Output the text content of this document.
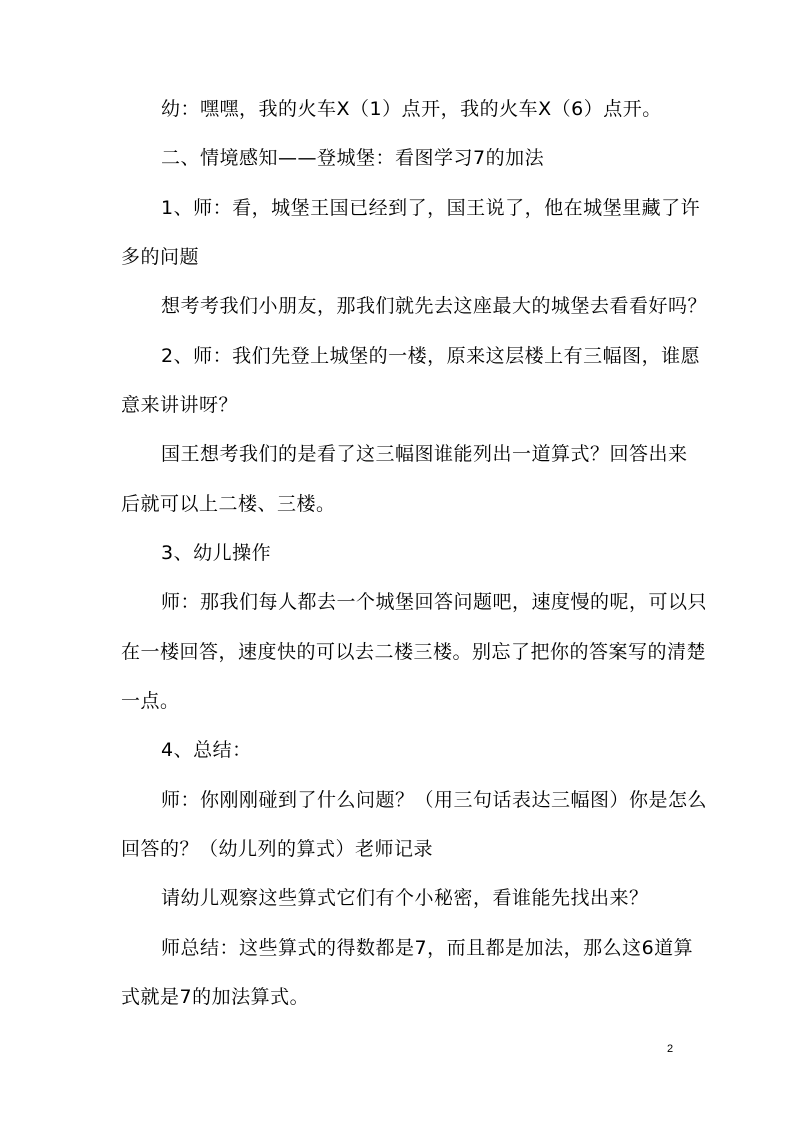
幼：嘿嘿，我的火车X（1）点开，我的火车X（6）点开。
二、情境感知——登城堡：看图学习7的加法
1、师：看，城堡王国已经到了，国王说了，他在城堡里藏了许
多的问题
想考考我们小朋友，那我们就先去这座最大的城堡去看看好吗？
2、师：我们先登上城堡的一楼，原来这层楼上有三幅图，谁愿
意来讲讲呀？
国王想考我们的是看了这三幅图谁能列出一道算式？回答出来
后就可以上二楼、三楼。
3、幼儿操作
师：那我们每人都去一个城堡回答问题吧，速度慢的呢，可以只
在一楼回答，速度快的可以去二楼三楼。别忘了把你的答案写的清楚
一点。
4、总结：
师：你刚刚碰到了什么问题？（用三句话表达三幅图）你是怎么
回答的？（幼儿列的算式）老师记录
请幼儿观察这些算式它们有个小秘密，看谁能先找出来？
师总结：这些算式的得数都是7，而且都是加法，那么这6道算
式就是7的加法算式。
2
